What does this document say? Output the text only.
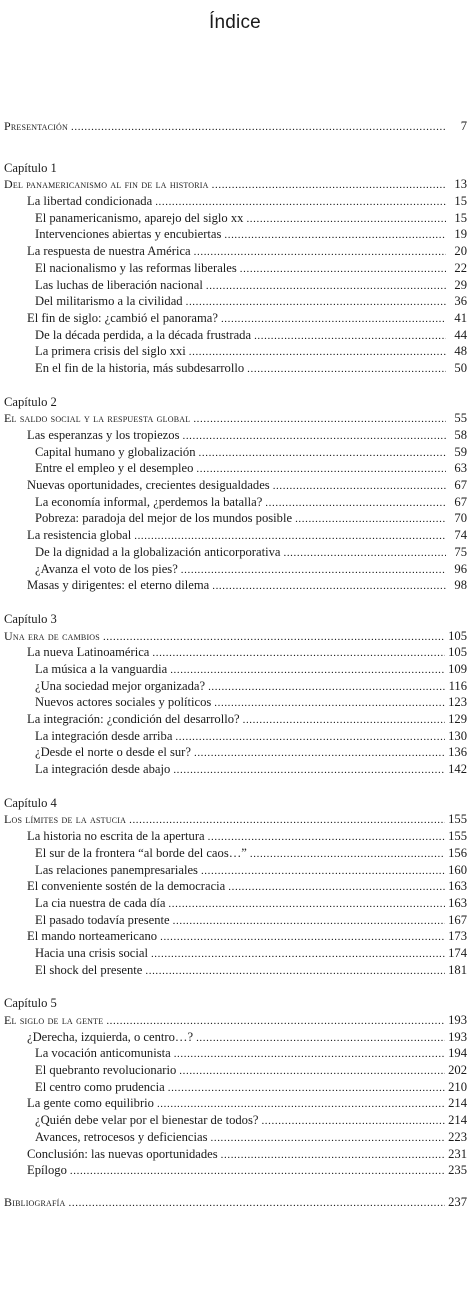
Índice
Presentación .....	7
Capítulo 1
Del panamericanismo al fin de la historia .....	13
La libertad condicionada .....	15
El panamericanismo, aparejo del siglo xx .....	15
Intervenciones abiertas y encubiertas .....	19
La respuesta de nuestra América .....	20
El nacionalismo y las reformas liberales .....	22
Las luchas de liberación nacional .....	29
Del militarismo a la civilidad .....	36
El fin de siglo: ¿cambió el panorama? .....	41
De la década perdida, a la década frustrada .....	44
La primera crisis del siglo xxi .....	48
En el fin de la historia, más subdesarrollo .....	50
Capítulo 2
El saldo social y la respuesta global .....	55
Las esperanzas y los tropiezos .....	58
Capital humano y globalización .....	59
Entre el empleo y el desempleo .....	63
Nuevas oportunidades, crecientes desigualdades .....	67
La economía informal, ¿perdemos la batalla? .....	67
Pobreza: paradoja del mejor de los mundos posible .....	70
La resistencia global .....	74
De la dignidad a la globalización anticorporativa .....	75
¿Avanza el voto de los pies? .....	96
Masas y dirigentes: el eterno dilema .....	98
Capítulo 3
Una era de cambios .....	105
La nueva Latinoamérica .....	105
La música a la vanguardia .....	109
¿Una sociedad mejor organizada? .....	116
Nuevos actores sociales y políticos .....	123
La integración: ¿condición del desarrollo? .....	129
La integración desde arriba .....	130
¿Desde el norte o desde el sur? .....	136
La integración desde abajo .....	142
Capítulo 4
Los límites de la astucia .....	155
La historia no escrita de la apertura .....	155
El sur de la frontera “al borde del caos…” .....	156
Las relaciones panempresariales .....	160
El conveniente sostén de la democracia .....	163
La cia nuestra de cada día .....	163
El pasado todavía presente .....	167
El mando norteamericano .....	173
Hacia una crisis social .....	174
El shock del presente .....	181
Capítulo 5
El siglo de la gente .....	193
¿Derecha, izquierda, o centro…? .....	193
La vocación anticomunista .....	194
El quebranto revolucionario .....	202
El centro como prudencia .....	210
La gente como equilibrio .....	214
¿Quién debe velar por el bienestar de todos? .....	214
Avances, retrocesos y deficiencias .....	223
Conclusión: las nuevas oportunidades .....	231
Epílogo .....	235
Bibliografía .....	237
